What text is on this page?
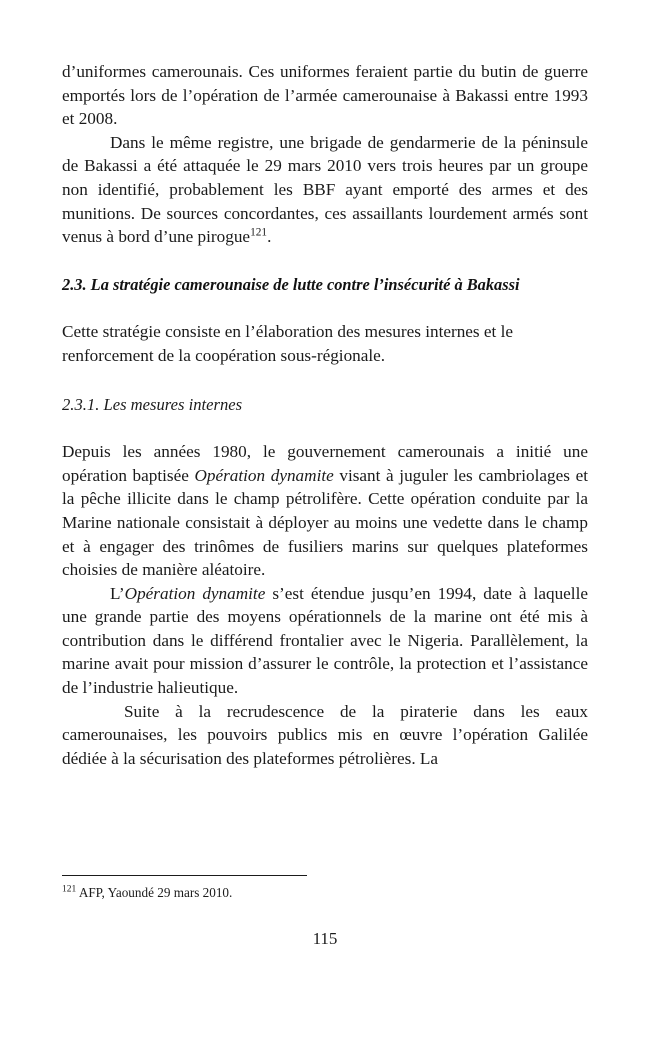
d’uniformes camerounais. Ces uniformes feraient partie du butin de guerre emportés lors de l’opération de l’armée camerounaise à Bakassi entre 1993 et 2008.

Dans le même registre, une brigade de gendarmerie de la péninsule de Bakassi a été attaquée le 29 mars 2010 vers trois heures par un groupe non identifié, probablement les BBF ayant emporté des armes et des munitions. De sources concordantes, ces assaillants lourdement armés sont venus à bord d’une pirogue$^{121}$.

2.3. La stratégie camerounaise de lutte contre l’insécurité à Bakassi

Cette stratégie consiste en l’élaboration des mesures internes et le renforcement de la coopération sous-régionale.

2.3.1. Les mesures internes

Depuis les années 1980, le gouvernement camerounais a initié une opération baptisée Opération dynamite visant à juguler les cambriolages et la pêche illicite dans le champ pétrolifère. Cette opération conduite par la Marine nationale consistait à déployer au moins une vedette dans le champ et à engager des trinômes de fusiliers marins sur quelques plateformes choisies de manière aléatoire.

L’Opération dynamite s’est étendue jusqu’en 1994, date à laquelle une grande partie des moyens opérationnels de la marine ont été mis à contribution dans le différend frontalier avec le Nigeria. Parallèlement, la marine avait pour mission d’assurer le contrôle, la protection et l’assistance de l’industrie halieutique.

Suite à la recrudescence de la piraterie dans les eaux camerounaises, les pouvoirs publics mis en œuvre l’opération Galilée dédiée à la sécurisation des plateformes pétrolières. La

$^{121}$ AFP, Yaoundé 29 mars 2010.

115
